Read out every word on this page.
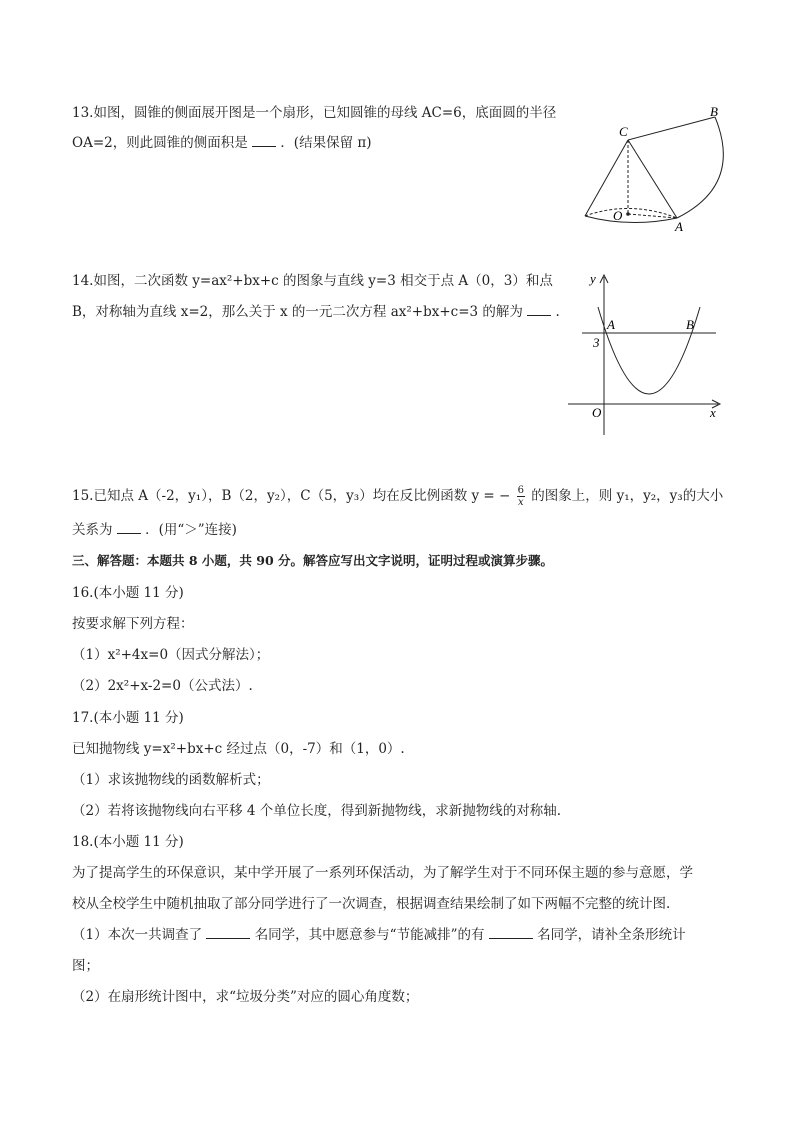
13.如图，圆锥的侧面展开图是一个扇形，已知圆锥的母线 AC=6，底面圆的半径
OA=2，则此圆锥的侧面积是 ．(结果保留 π)
B
C
O
A
14.如图，二次函数 y=ax²+bx+c 的图象与直线 y=3 相交于点 A（0，3）和点
B，对称轴为直线 x=2，那么关于 x 的一元二次方程 ax²+bx+c=3 的解为 .
y
x
O
A	B
3
15.已知点 A（-2，y₁），B（2，y₂），C（5，y₃）均在反比例函数 y = − $\frac{6}{x}$ 的图象上，则 y₁，y₂，y₃的大小
关系为 ．(用“＞”连接)
三、解答题：本题共 8 小题，共 90 分。解答应写出文字说明，证明过程或演算步骤。
16.(本小题 11 分)
按要求解下列方程：
（1）x²+4x=0（因式分解法）；
（2）2x²+x-2=0（公式法）.
17.(本小题 11 分)
已知抛物线 y=x²+bx+c 经过点（0，-7）和（1，0）.
（1）求该抛物线的函数解析式；
（2）若将该抛物线向右平移 4 个单位长度，得到新抛物线，求新抛物线的对称轴.
18.(本小题 11 分)
为了提高学生的环保意识，某中学开展了一系列环保活动，为了解学生对于不同环保主题的参与意愿，学
校从全校学生中随机抽取了部分同学进行了一次调查，根据调查结果绘制了如下两幅不完整的统计图.
（1）本次一共调查了	名同学，其中愿意参与“节能减排”的有	名同学，请补全条形统计
图；
（2）在扇形统计图中，求“垃圾分类”对应的圆心角度数；
